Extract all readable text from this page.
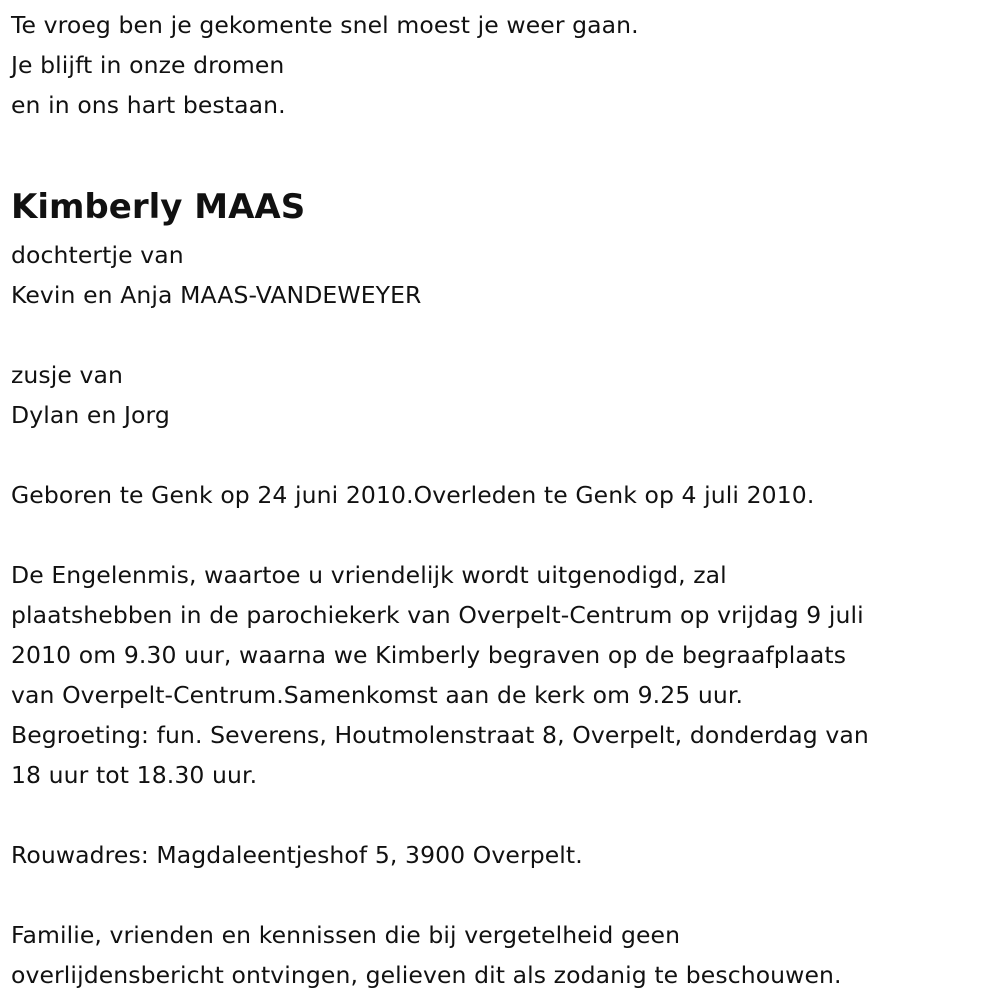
Te vroeg ben je gekomente snel moest je weer gaan.
Je blijft in onze dromen
en in ons hart bestaan.
Kimberly MAAS
dochtertje van
Kevin en Anja MAAS-VANDEWEYER
zusje van
Dylan en Jorg
Geboren te Genk op 24 juni 2010.Overleden te Genk op 4 juli 2010.
De Engelenmis, waartoe u vriendelijk wordt uitgenodigd, zal
plaatshebben in de parochiekerk van Overpelt-Centrum op vrijdag 9 juli
2010 om 9.30 uur, waarna we Kimberly begraven op de begraafplaats
van Overpelt-Centrum.Samenkomst aan de kerk om 9.25 uur.
Begroeting: fun. Severens, Houtmolenstraat 8, Overpelt, donderdag van
18 uur tot 18.30 uur.
Rouwadres: Magdaleentjeshof 5, 3900 Overpelt.
Familie, vrienden en kennissen die bij vergetelheid geen
overlijdensbericht ontvingen, gelieven dit als zodanig te beschouwen.
